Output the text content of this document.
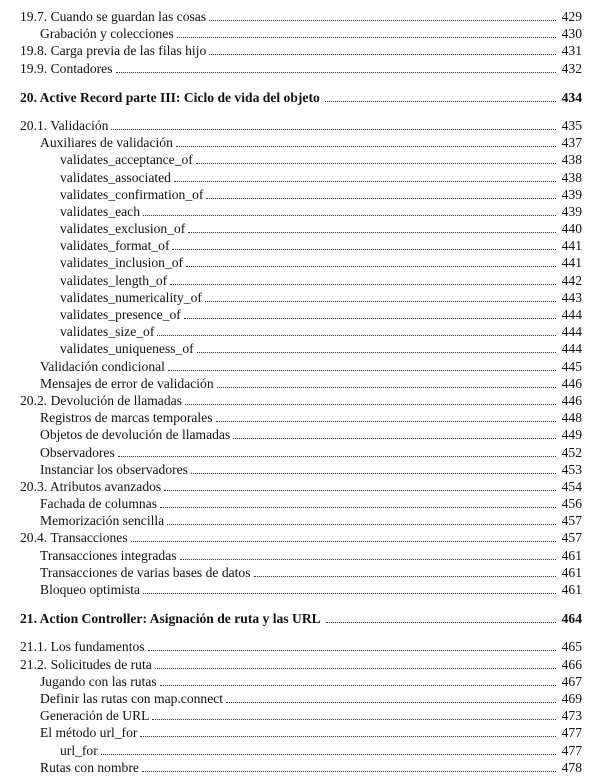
19.7. Cuando se guardan las cosas	429
Grabación y colecciones	430
19.8. Carga previa de las filas hijo	431
19.9. Contadores	432
20. Active Record parte III: Ciclo de vida del objeto	434
20.1. Validación	435
Auxiliares de validación	437
validates_acceptance_of	438
validates_associated	438
validates_confirmation_of	439
validates_each	439
validates_exclusion_of	440
validates_format_of	441
validates_inclusion_of	441
validates_length_of	442
validates_numericality_of	443
validates_presence_of	444
validates_size_of	444
validates_uniqueness_of	444
Validación condicional	445
Mensajes de error de validación	446
20.2. Devolución de llamadas	446
Registros de marcas temporales	448
Objetos de devolución de llamadas	449
Observadores	452
Instanciar los observadores	453
20.3. Atributos avanzados	454
Fachada de columnas	456
Memorización sencilla	457
20.4. Transacciones	457
Transacciones integradas	461
Transacciones de varias bases de datos	461
Bloqueo optimista	461
21. Action Controller: Asignación de ruta y las URL	464
21.1. Los fundamentos	465
21.2. Solicitudes de ruta	466
Jugando con las rutas	467
Definir las rutas con map.connect	469
Generación de URL	473
El método url_for	477
url_for	477
Rutas con nombre	478
